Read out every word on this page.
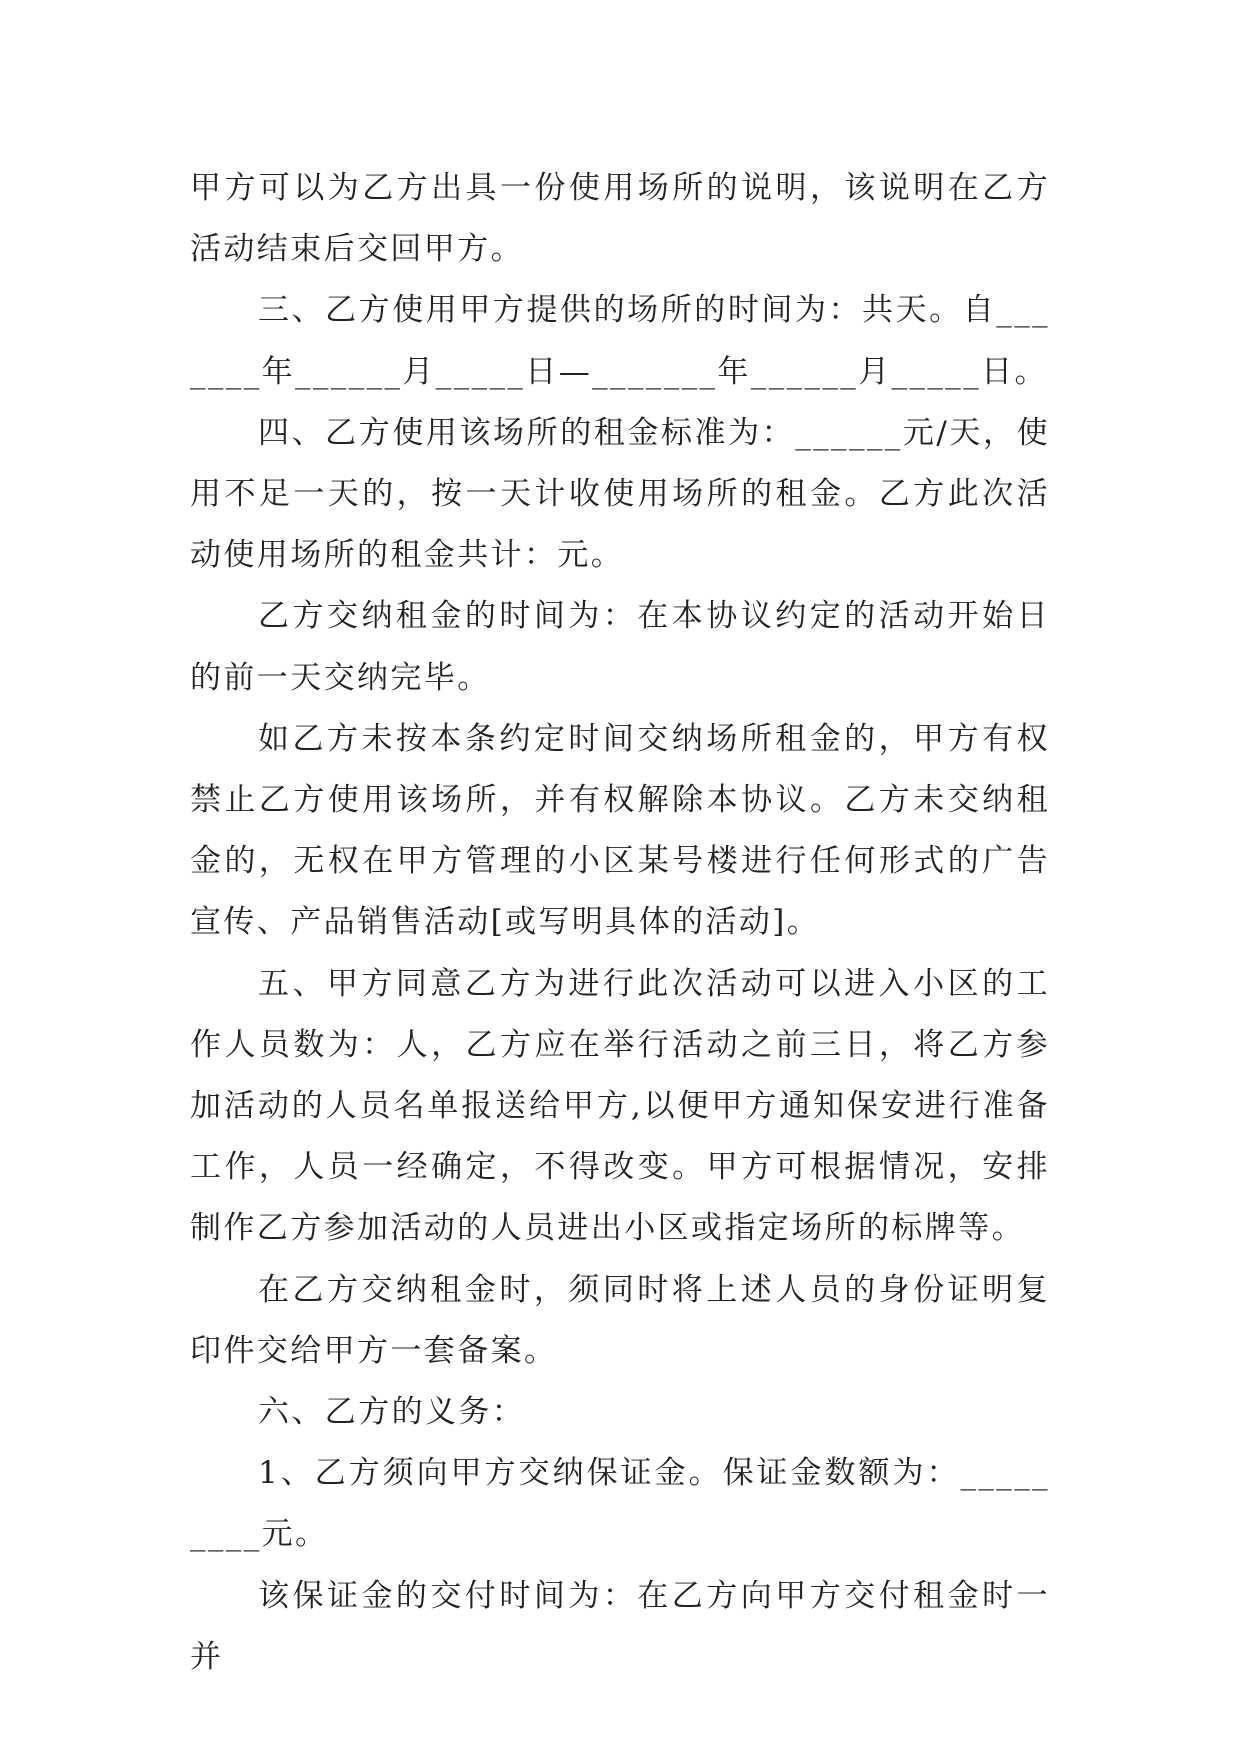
甲方可以为乙方出具一份使用场所的说明，该说明在乙方活动结束后交回甲方。

三、乙方使用甲方提供的场所的时间为：共天。自_______年______月_____日—_______年______月_____日。

四、乙方使用该场所的租金标准为：______元/天，使用不足一天的，按一天计收使用场所的租金。乙方此次活动使用场所的租金共计：元。

乙方交纳租金的时间为：在本协议约定的活动开始日的前一天交纳完毕。

如乙方未按本条约定时间交纳场所租金的，甲方有权禁止乙方使用该场所，并有权解除本协议。乙方未交纳租金的，无权在甲方管理的小区某号楼进行任何形式的广告宣传、产品销售活动[或写明具体的活动]。

五、甲方同意乙方为进行此次活动可以进入小区的工作人员数为：人，乙方应在举行活动之前三日，将乙方参加活动的人员名单报送给甲方,以便甲方通知保安进行准备工作，人员一经确定，不得改变。甲方可根据情况，安排制作乙方参加活动的人员进出小区或指定场所的标牌等。

在乙方交纳租金时，须同时将上述人员的身份证明复印件交给甲方一套备案。

六、乙方的义务：

1、乙方须向甲方交纳保证金。保证金数额为：_________元。

该保证金的交付时间为：在乙方向甲方交付租金时一并
